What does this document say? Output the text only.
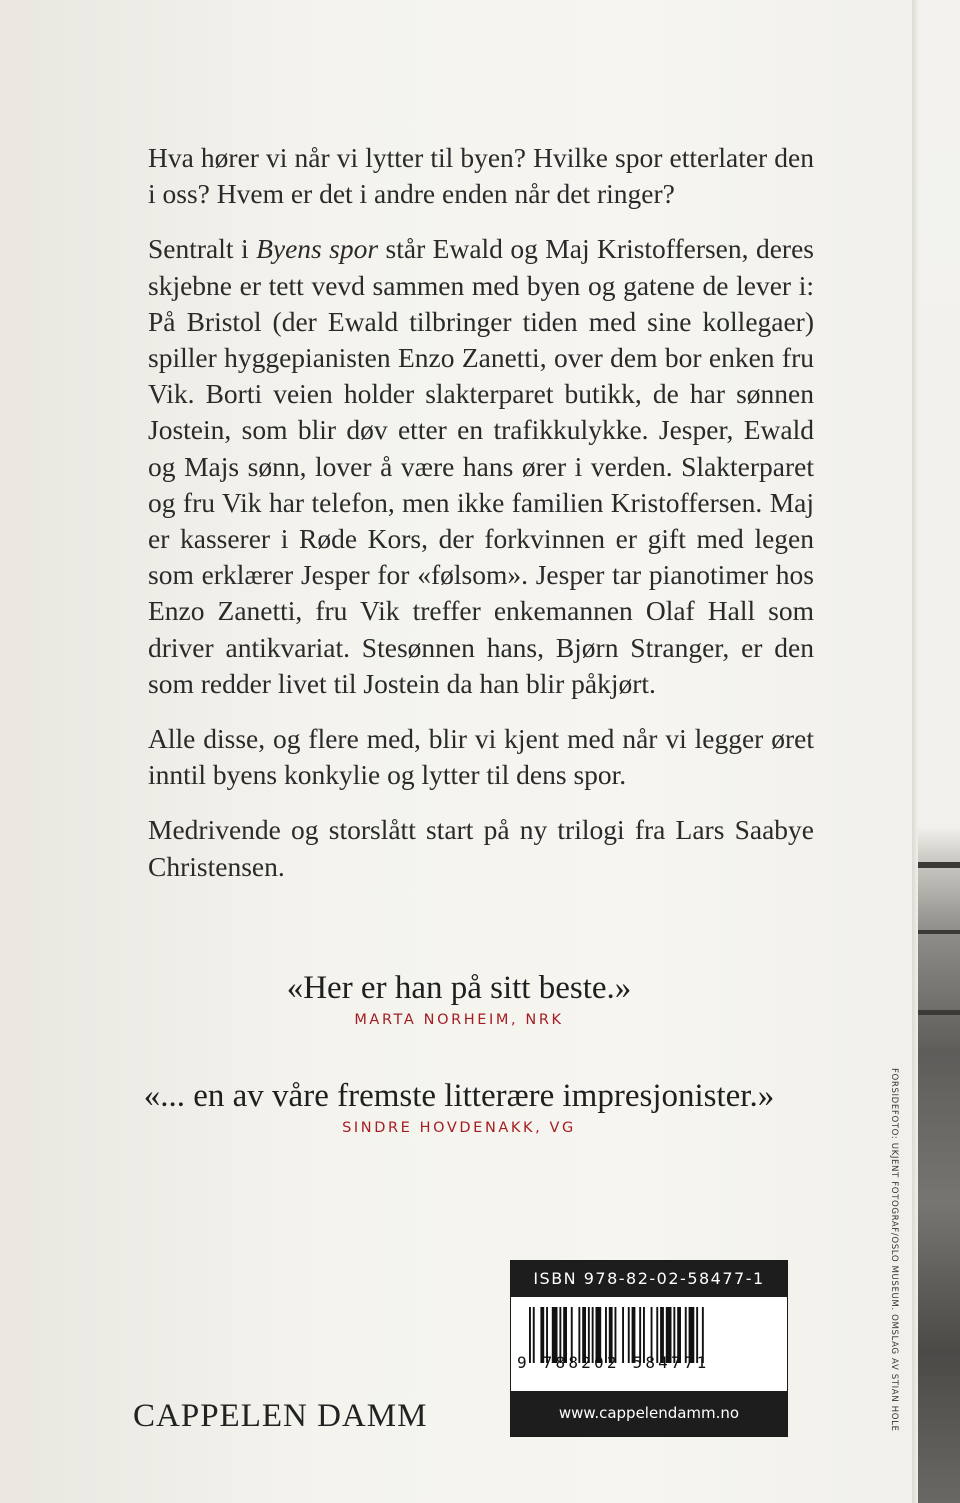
Hva hører vi når vi lytter til byen? Hvilke spor etterlater den i oss? Hvem er det i andre enden når det ringer?

Sentralt i Byens spor står Ewald og Maj Kristoffersen, deres skjebne er tett vevd sammen med byen og gatene de lever i: På Bristol (der Ewald tilbringer tiden med sine kollegaer) spiller hyggepianisten Enzo Zanetti, over dem bor enken fru Vik. Borti veien holder slakterparet butikk, de har sønnen Jostein, som blir døv etter en trafikkulykke. Jesper, Ewald og Majs sønn, lover å være hans ører i verden. Slakterparet og fru Vik har telefon, men ikke familien Kristoffersen. Maj er kasserer i Røde Kors, der forkvinnen er gift med legen som erklærer Jesper for «følsom». Jesper tar pianotimer hos Enzo Zanetti, fru Vik treffer enkemannen Olaf Hall som driver antikvariat. Stesønnen hans, Bjørn Stranger, er den som redder livet til Jostein da han blir påkjørt.

Alle disse, og flere med, blir vi kjent med når vi legger øret inntil byens konkylie og lytter til dens spor.

Medrivende og storslått start på ny trilogi fra Lars Saabye Christensen.

«Her er han på sitt beste.»
MARTA NORHEIM, NRK
«... en av våre fremste litterære impresjonister.»
SINDRE HOVDENAKK, VG
CAPPELEN DAMM
ISBN 978-82-02-58477-1
9 788202 584771
www.cappelendamm.no	FORSIDEFOTO: UKJENT FOTOGRAF/OSLO MUSEUM. OMSLAG AV STIAN HOLE
